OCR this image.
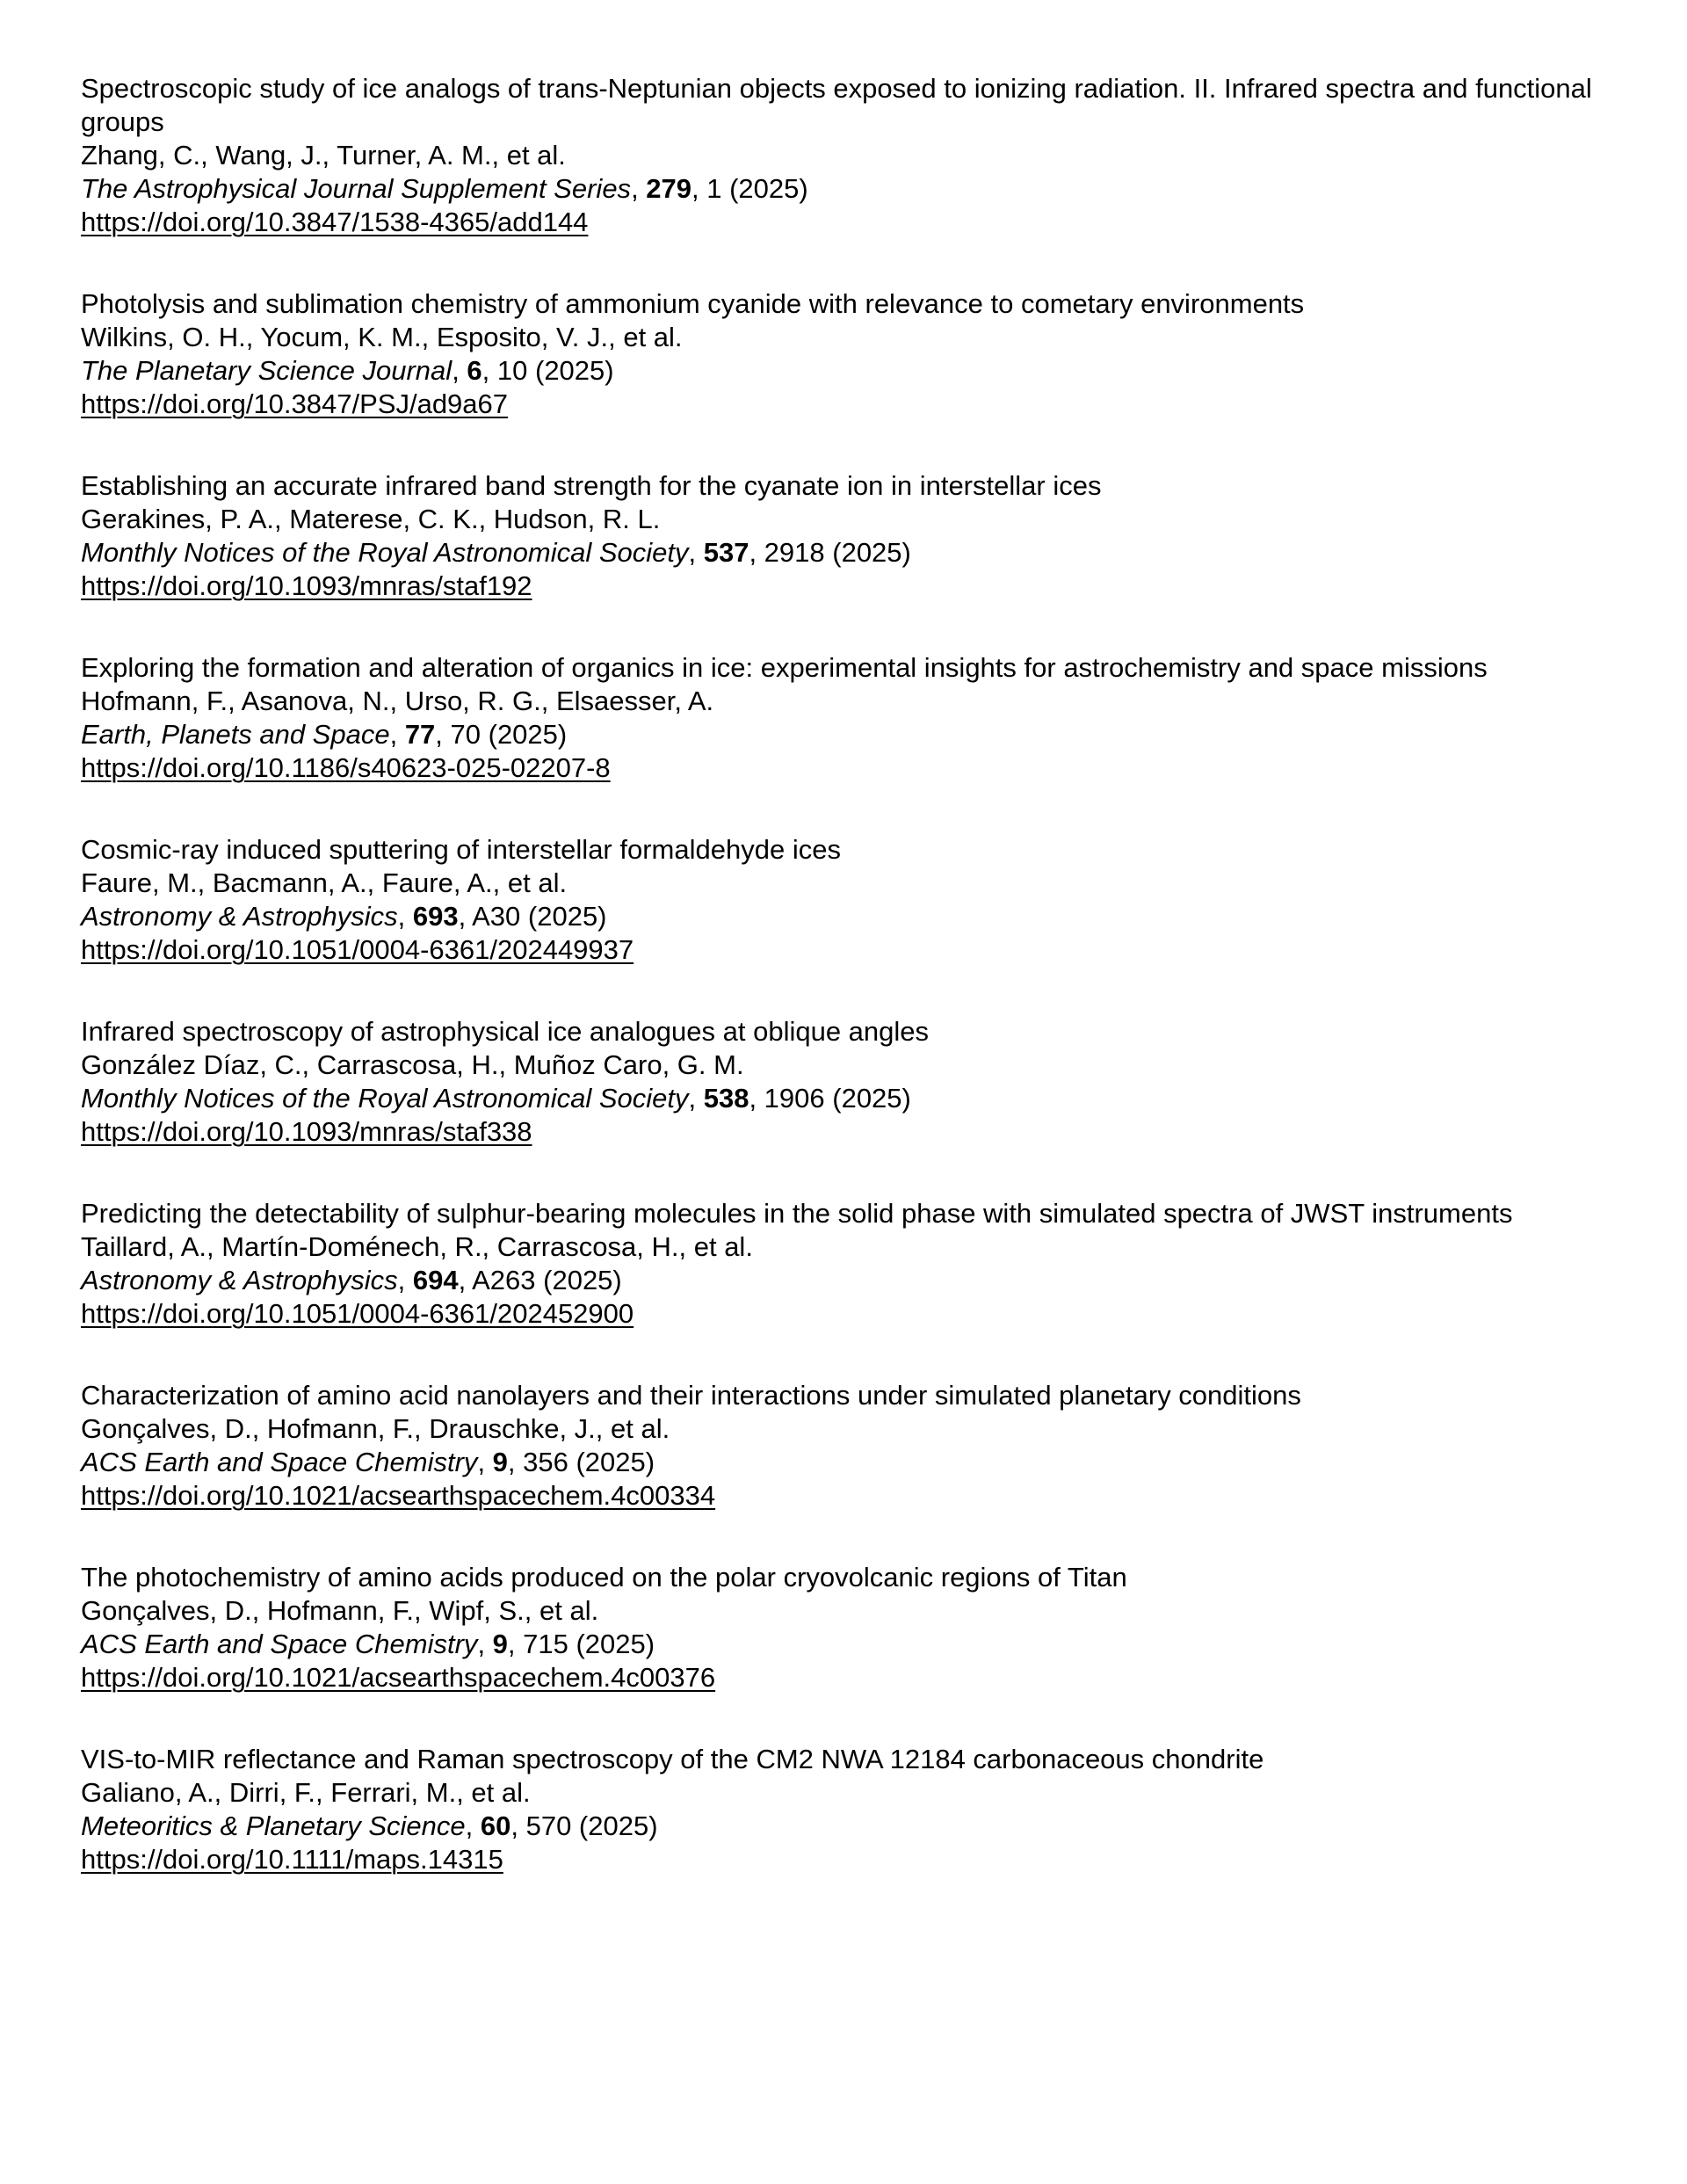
Spectroscopic study of ice analogs of trans-Neptunian objects exposed to ionizing radiation. II. Infrared spectra and functional groups
Zhang, C., Wang, J., Turner, A. M., et al.
The Astrophysical Journal Supplement Series, 279, 1 (2025)
https://doi.org/10.3847/1538-4365/add144
Photolysis and sublimation chemistry of ammonium cyanide with relevance to cometary environments
Wilkins, O. H., Yocum, K. M., Esposito, V. J., et al.
The Planetary Science Journal, 6, 10 (2025)
https://doi.org/10.3847/PSJ/ad9a67
Establishing an accurate infrared band strength for the cyanate ion in interstellar ices
Gerakines, P. A., Materese, C. K., Hudson, R. L.
Monthly Notices of the Royal Astronomical Society, 537, 2918 (2025)
https://doi.org/10.1093/mnras/staf192
Exploring the formation and alteration of organics in ice: experimental insights for astrochemistry and space missions
Hofmann, F., Asanova, N., Urso, R. G., Elsaesser, A.
Earth, Planets and Space, 77, 70 (2025)
https://doi.org/10.1186/s40623-025-02207-8
Cosmic-ray induced sputtering of interstellar formaldehyde ices
Faure, M., Bacmann, A., Faure, A., et al.
Astronomy & Astrophysics, 693, A30 (2025)
https://doi.org/10.1051/0004-6361/202449937
Infrared spectroscopy of astrophysical ice analogues at oblique angles
González Díaz, C., Carrascosa, H., Muñoz Caro, G. M.
Monthly Notices of the Royal Astronomical Society, 538, 1906 (2025)
https://doi.org/10.1093/mnras/staf338
Predicting the detectability of sulphur-bearing molecules in the solid phase with simulated spectra of JWST instruments
Taillard, A., Martín-Doménech, R., Carrascosa, H., et al.
Astronomy & Astrophysics, 694, A263 (2025)
https://doi.org/10.1051/0004-6361/202452900
Characterization of amino acid nanolayers and their interactions under simulated planetary conditions
Gonçalves, D., Hofmann, F., Drauschke, J., et al.
ACS Earth and Space Chemistry, 9, 356 (2025)
https://doi.org/10.1021/acsearthspacechem.4c00334
The photochemistry of amino acids produced on the polar cryovolcanic regions of Titan
Gonçalves, D., Hofmann, F., Wipf, S., et al.
ACS Earth and Space Chemistry, 9, 715 (2025)
https://doi.org/10.1021/acsearthspacechem.4c00376
VIS-to-MIR reflectance and Raman spectroscopy of the CM2 NWA 12184 carbonaceous chondrite
Galiano, A., Dirri, F., Ferrari, M., et al.
Meteoritics & Planetary Science, 60, 570 (2025)
https://doi.org/10.1111/maps.14315
